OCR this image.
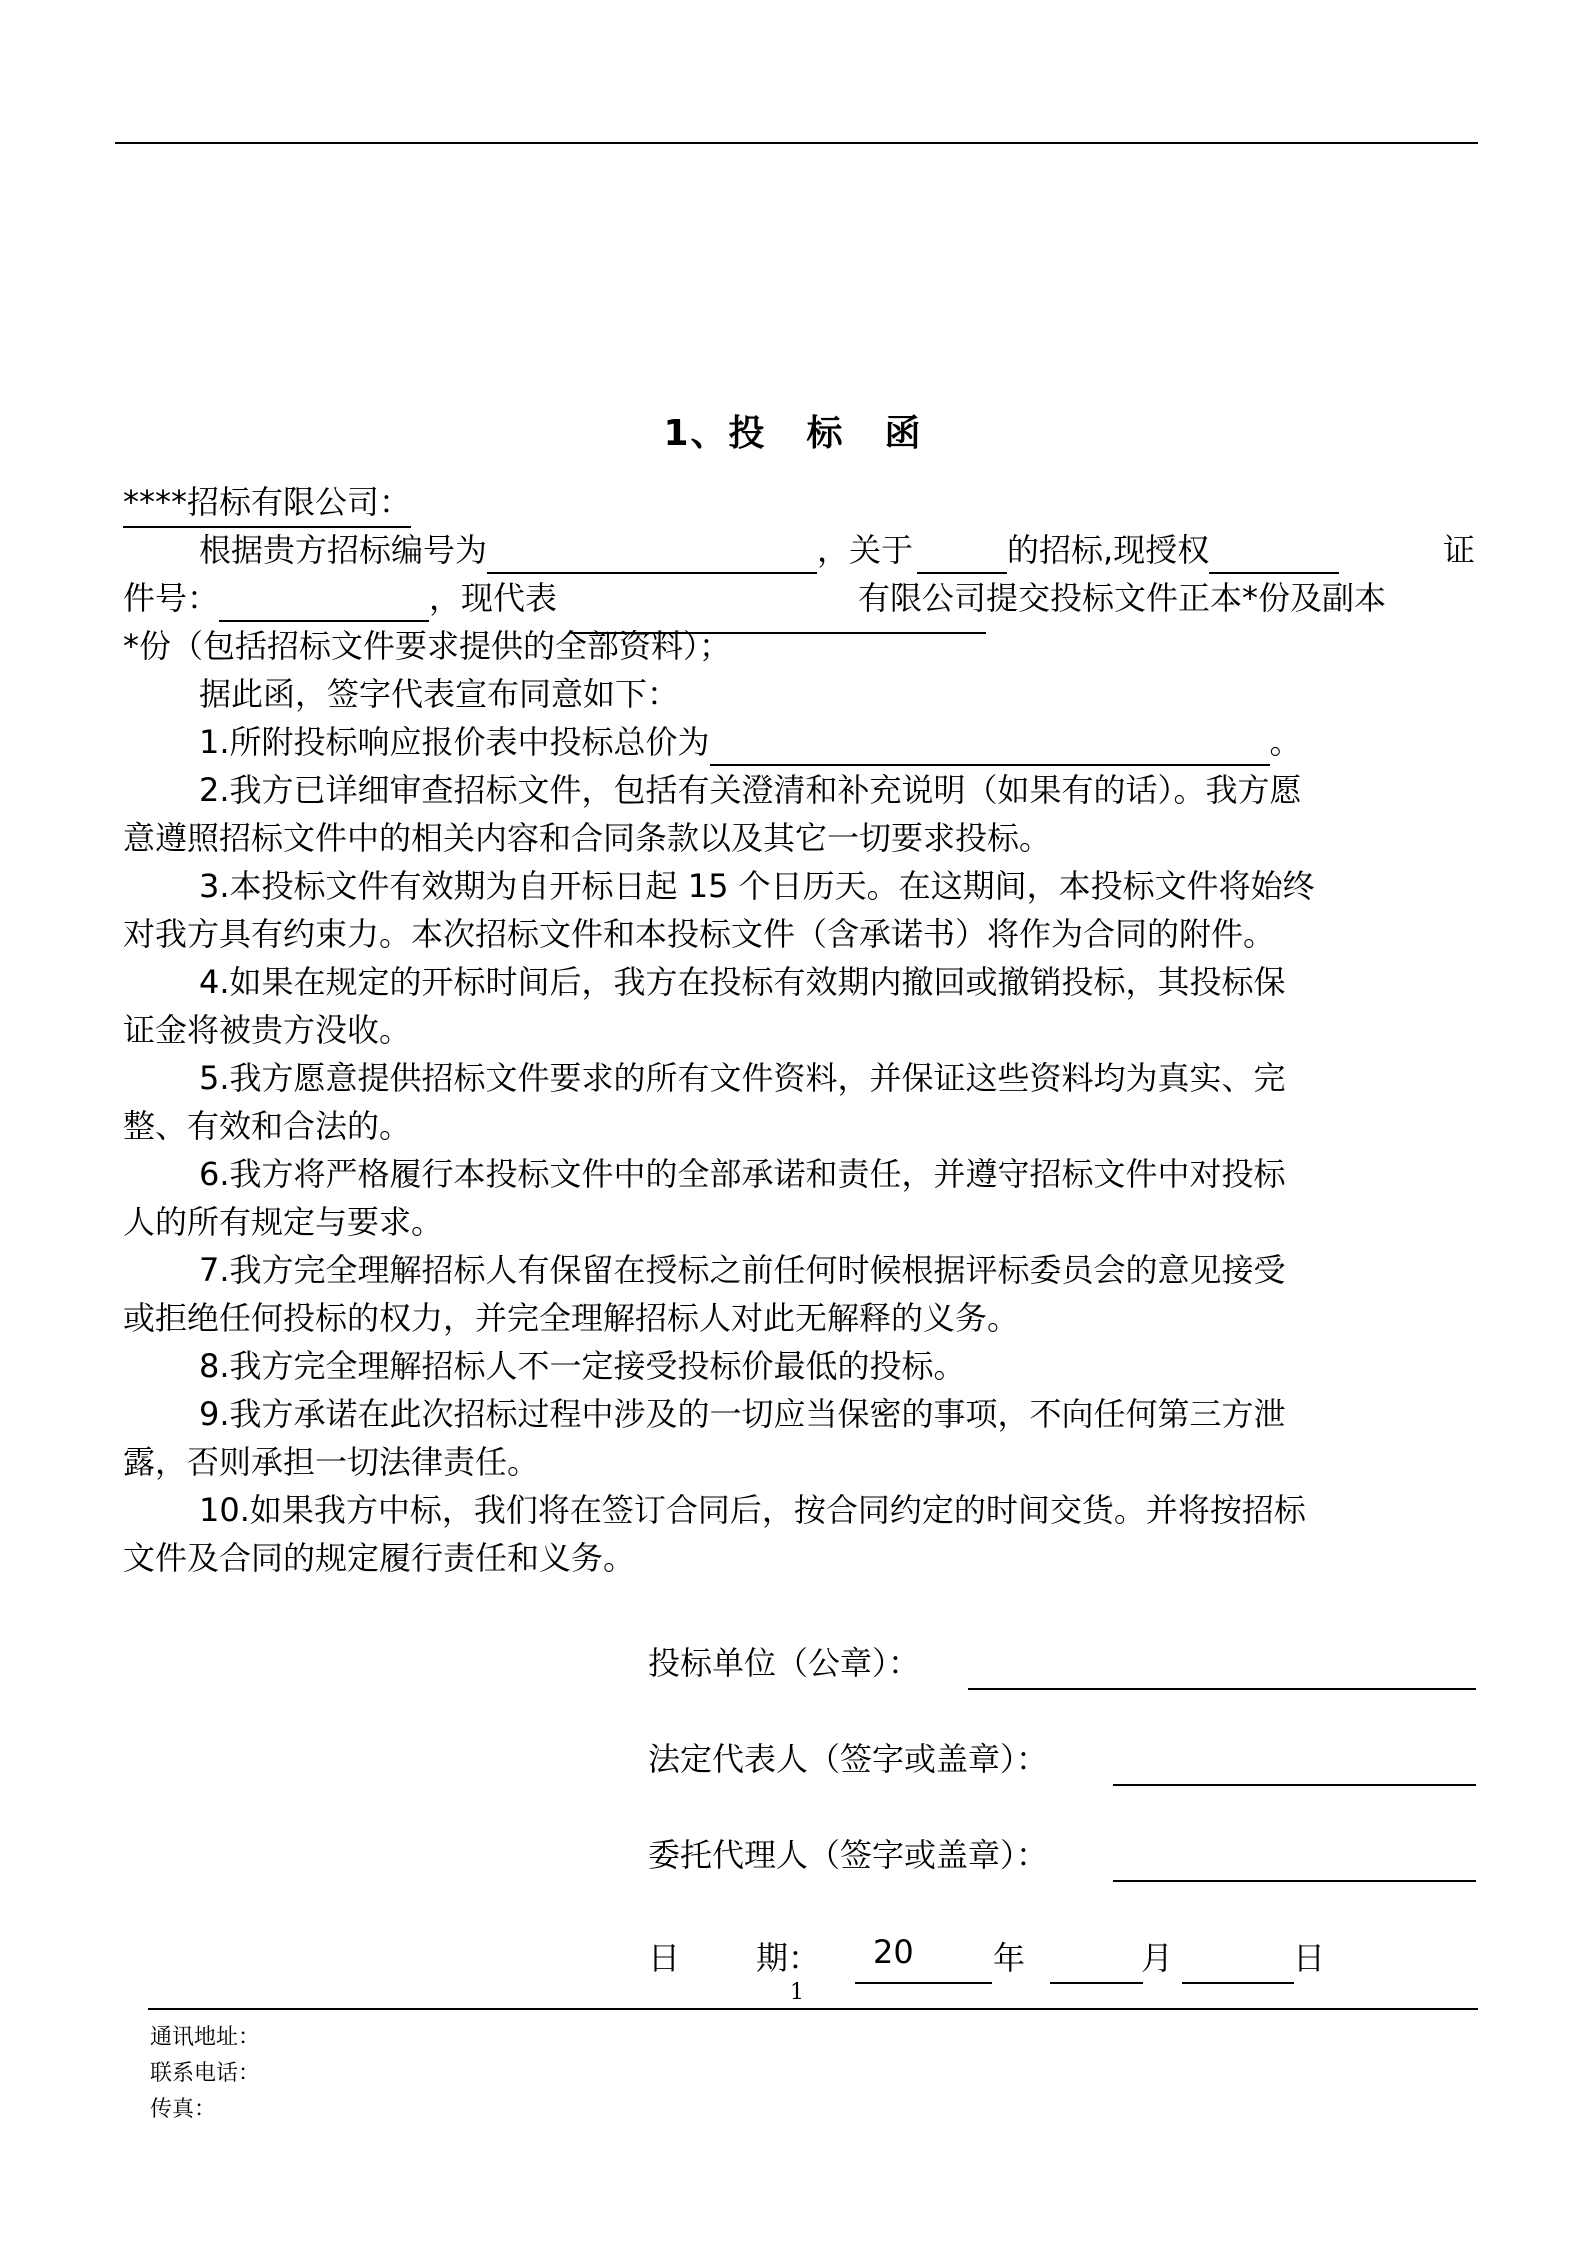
1、投 标 函
****招标有限公司：
根据贵方招标编号为	，关于	的招标,现授权	证
件号：	，现代表	有限公司 提交投标文件正本*份及副本
*份（包括招标文件要求提供的全部资料）；
据此函，签字代表宣布同意如下：
1.所附投标响应报价表中投标总价为	。
2.我方已详细审查招标文件，包括有关澄清和补充说明（如果有的话）。我方愿
意遵照招标文件中的相关内容和合同条款以及其它一切要求投标。
3.本投标文件有效期为自开标日起 15 个日历天。在这期间，本投标文件将始终
对我方具有约束力。本次招标文件和本投标文件（含承诺书）将作为合同的附件。
4.如果在规定的开标时间后，我方在投标有效期内撤回或撤销投标，其投标保
证金将被贵方没收。
5.我方愿意提供招标文件要求的所有文件资料，并保证这些资料均为真实、完
整、有效和合法的。
6.我方将严格履行本投标文件中的全部承诺和责任，并遵守招标文件中对投标
人的所有规定与要求。
7.我方完全理解招标人有保留在授标之前任何时候根据评标委员会的意见接受
或拒绝任何投标的权力，并完全理解招标人对此无解释的义务。
8.我方完全理解招标人不一定接受投标价最低的投标。
9.我方承诺在此次招标过程中涉及的一切应当保密的事项，不向任何第三方泄
露，否则承担一切法律责任。
10.如果我方中标，我们将在签订合同后，按合同约定的时间交货。并将按招标
文件及合同的规定履行责任和义务。
投标单位（公章）：
法定代表人（签字或盖章）：
委托代理人（签字或盖章）：
日 期： 20 年	月	日
1
通讯地址：
联系电话：
传真：
